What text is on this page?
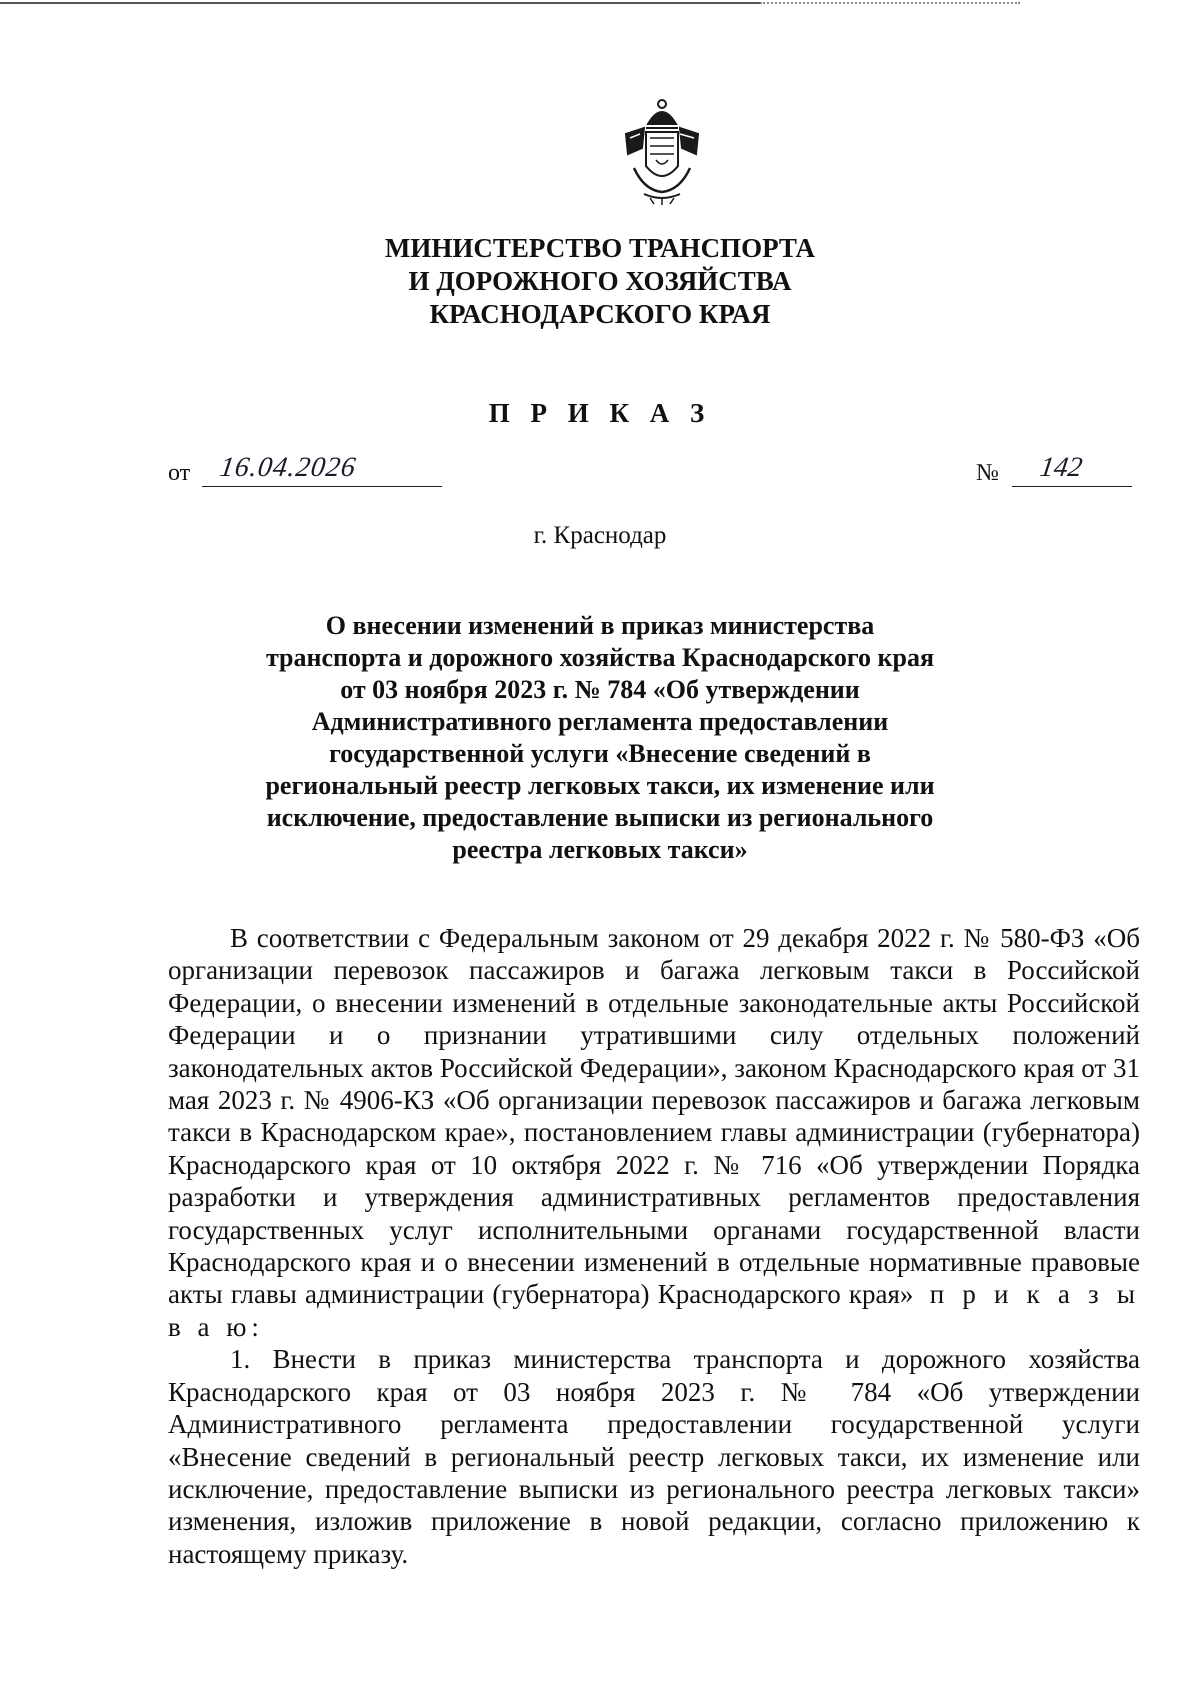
МИНИСТЕРСТВО ТРАНСПОРТА
И ДОРОЖНОГО ХОЗЯЙСТВА
КРАСНОДАРСКОГО КРАЯ
П Р И К А З
от 16.04.2026	№ 142
г. Краснодар
О внесении изменений в приказ министерства
транспорта и дорожного хозяйства Краснодарского края
от 03 ноября 2023 г. № 784 «Об утверждении
Административного регламента предоставлении
государственной услуги «Внесение сведений в
региональный реестр легковых такси, их изменение или
исключение, предоставление выписки из регионального
реестра легковых такси»

В соответствии с Федеральным законом от 29 декабря 2022 г. № 580-ФЗ «Об организации перевозок пассажиров и багажа легковым такси в Российской Федерации, о внесении изменений в отдельные законодательные акты Российской Федерации и о признании утратившими силу отдельных положений законодательных актов Российской Федерации», законом Краснодарского края от 31 мая 2023 г. № 4906-КЗ «Об организации перевозок пассажиров и багажа легковым такси в Краснодарском крае», постановлением главы администрации (губернатора) Краснодарского края от 10 октября 2022 г. № 716 «Об утверждении Порядка разработки и утверждения административных регламентов предоставления государственных услуг исполнительными органами государственной власти Краснодарского края и о внесении изменений в отдельные нормативные правовые акты главы администрации (губернатора) Краснодарского края» п р и к а з ы в а ю:

1. Внести в приказ министерства транспорта и дорожного хозяйства Краснодарского края от 03 ноября 2023 г. № 784 «Об утверждении Административного регламента предоставлении государственной услуги «Внесение сведений в региональный реестр легковых такси, их изменение или исключение, предоставление выписки из регионального реестра легковых такси» изменения, изложив приложение в новой редакции, согласно приложению к настоящему приказу.
